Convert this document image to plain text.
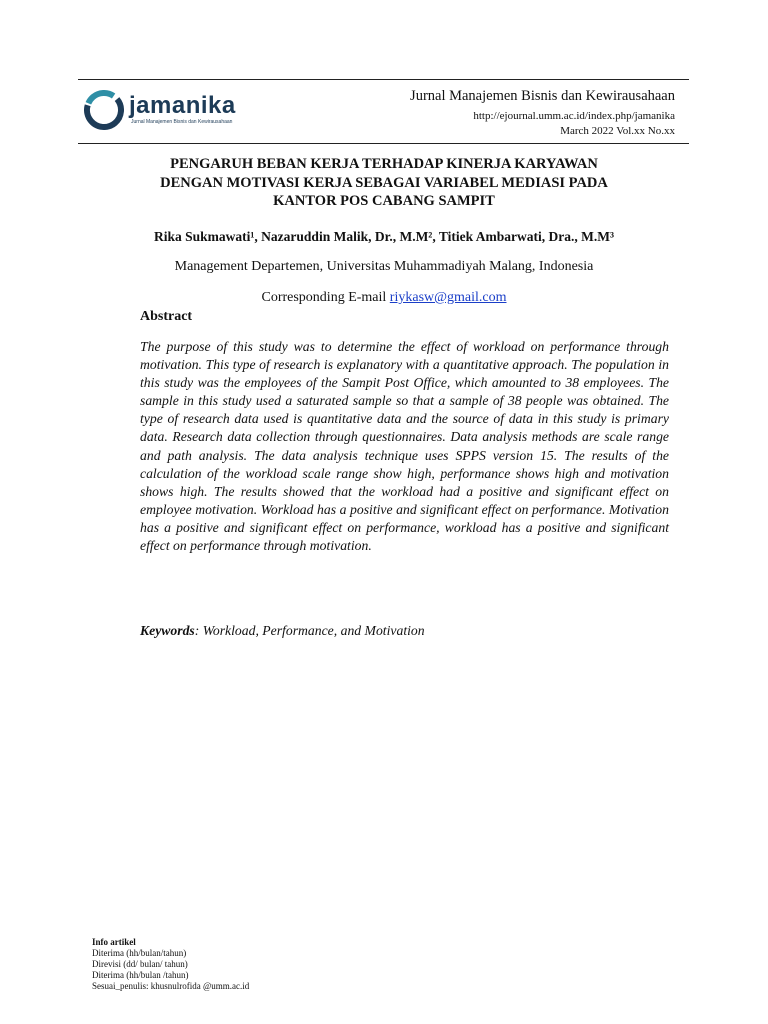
jamanika
Jurnal Manajemen Bisnis dan Kewirausahaan
Jurnal Manajemen Bisnis dan Kewirausahaan
http://ejournal.umm.ac.id/index.php/jamanika
March 2022 Vol.xx No.xx
PENGARUH BEBAN KERJA TERHADAP KINERJA KARYAWAN
DENGAN MOTIVASI KERJA SEBAGAI VARIABEL MEDIASI PADA
KANTOR POS CABANG SAMPIT
Rika Sukmawati¹, Nazaruddin Malik, Dr., M.M², Titiek Ambarwati, Dra., M.M³
Management Departemen, Universitas Muhammadiyah Malang, Indonesia
Corresponding E-mail riykasw@gmail.com
Abstract
The purpose of this study was to determine the effect of workload on performance through motivation. This type of research is explanatory with a quantitative approach. The population in this study was the employees of the Sampit Post Office, which amounted to 38 employees. The sample in this study used a saturated sample so that a sample of 38 people was obtained. The type of research data used is quantitative data and the source of data in this study is primary data. Research data collection through questionnaires. Data analysis methods are scale range and path analysis. The data analysis technique uses SPPS version 15. The results of the calculation of the workload scale range show high, performance shows high and motivation shows high. The results showed that the workload had a positive and significant effect on employee motivation. Workload has a positive and significant effect on performance. Motivation has a positive and significant effect on performance, workload has a positive and significant effect on performance through motivation.
Keywords: Workload, Performance, and Motivation
Info artikel
Diterima (hh/bulan/tahun)
Direvisi (dd/ bulan/ tahun)
Diterima (hh/bulan /tahun)
Sesuai_penulis: khusnulrofida @umm.ac.id
